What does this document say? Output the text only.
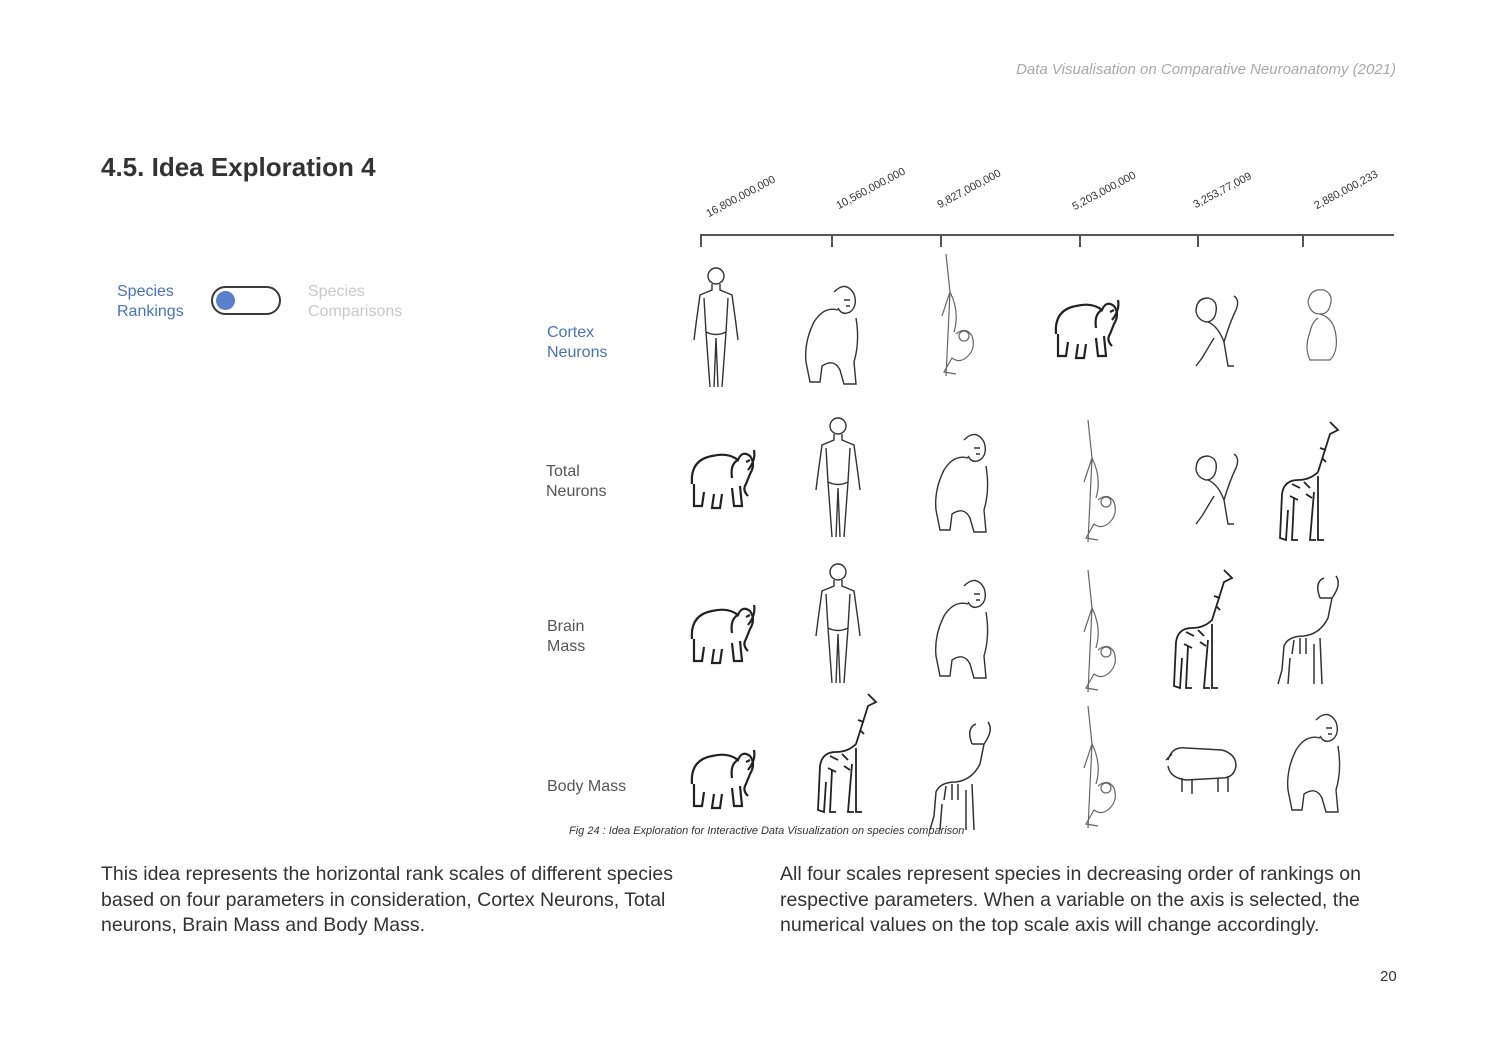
Data Visualisation on Comparative Neuroanatomy (2021)
4.5. Idea Exploration 4
Species Rankings
Species Comparisons
Cortex Neurons
Total Neurons
Brain Mass
Body Mass
16,800,000,000	10,560,000,000	9,827,000,000	5,203,000,000	3,253,77,009	2,880,000,233
Fig 24 : Idea Exploration for Interactive Data Visualization on species comparison
This idea represents the horizontal rank scales of different species based on four parameters in consideration, Cortex Neurons, Total neurons, Brain Mass and Body Mass.
All four scales represent species in decreasing order of rankings on respective parameters. When a variable on the axis is selected, the numerical values on the top scale axis will change accordingly.
20
